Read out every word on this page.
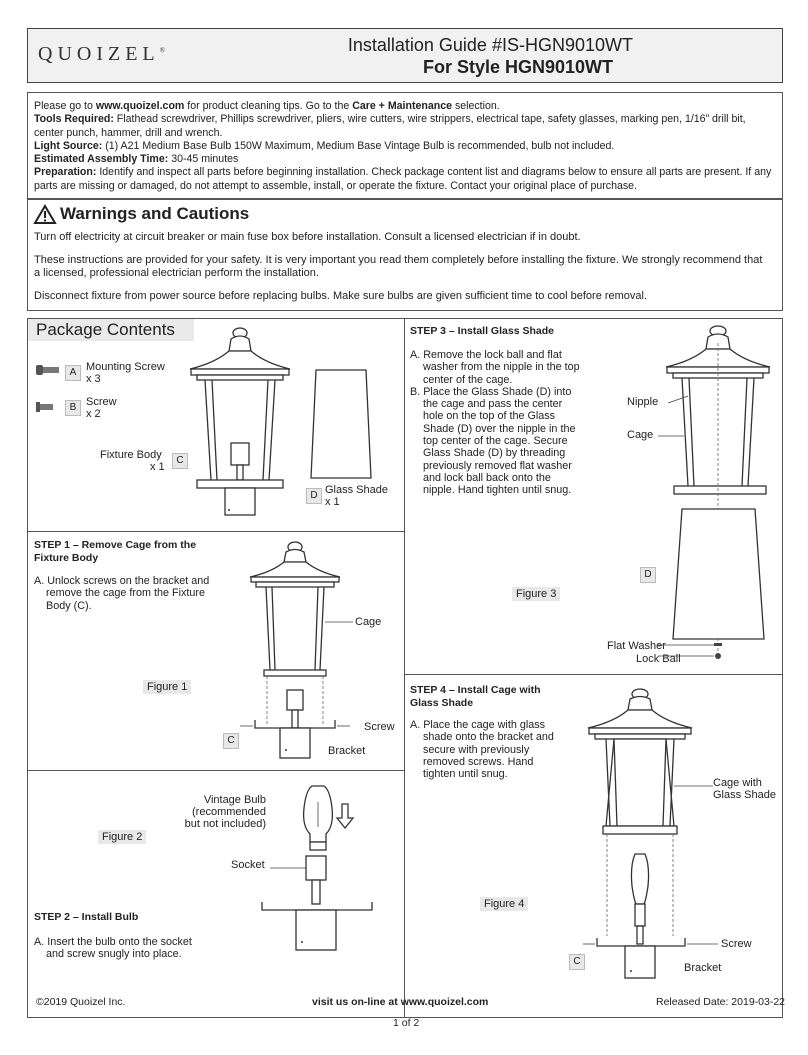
QUOIZEL®	Installation Guide #IS-HGN9010WT
For Style HGN9010WT
Please go to www.quoizel.com for product cleaning tips. Go to the Care + Maintenance selection.
Tools Required: Flathead screwdriver, Phillips screwdriver, pliers, wire cutters, wire strippers, electrical tape, safety glasses, marking pen, 1/16” drill bit, center punch, hammer, drill and wrench.
Light Source: (1) A21 Medium Base Bulb 150W Maximum, Medium Base Vintage Bulb is recommended, bulb not included.
Estimated Assembly Time: 30-45 minutes
Preparation: Identify and inspect all parts before beginning installation. Check package content list and diagrams below to ensure all parts are present. If any parts are missing or damaged, do not attempt to assemble, install, or operate the fixture. Contact your original place of purchase.
Warnings and Cautions
Turn off electricity at circuit breaker or main fuse box before installation. Consult a licensed electrician if in doubt.
These instructions are provided for your safety. It is very important you read them completely before installing the fixture. We strongly recommend that a licensed, professional electrician perform the installation.
Disconnect fixture from power source before replacing bulbs. Make sure bulbs are given sufficient time to cool before removal.
Package Contents
A Mounting Screw
x 3
B Screw
x 2
Fixture Body
x 1
C
D Glass Shade
x 1
STEP 1 – Remove Cage from the
Fixture Body
A. Unlock screws on the bracket and
remove the cage from the Fixture
Body (C).
Figure 1
Cage
Screw
Bracket
C
Vintage Bulb
(recommended
but not included)
Figure 2
Socket
STEP 2 – Install Bulb
A. Insert the bulb onto the socket
and screw snugly into place.
STEP 3 – Install Glass Shade
A. Remove the lock ball and flat
washer from the nipple in the top
center of the cage.
B. Place the Glass Shade (D) into
the cage and pass the center
hole on the top of the Glass
Shade (D) over the nipple in the
top center of the cage. Secure
Glass Shade (D) by threading
previously removed flat washer
and lock ball back onto the
nipple. Hand tighten until snug.
Nipple
Cage
Figure 3
D
Flat Washer
Lock Ball
STEP 4 – Install Cage with
Glass Shade
A. Place the cage with glass
shade onto the bracket and
secure with previously
removed screws. Hand
tighten until snug.
Figure 4
Cage with
Glass Shade
Screw
Bracket
C
©2019 Quoizel Inc.	visit us on-line at www.quoizel.com	Released Date: 2019-03-22
1 of 2
